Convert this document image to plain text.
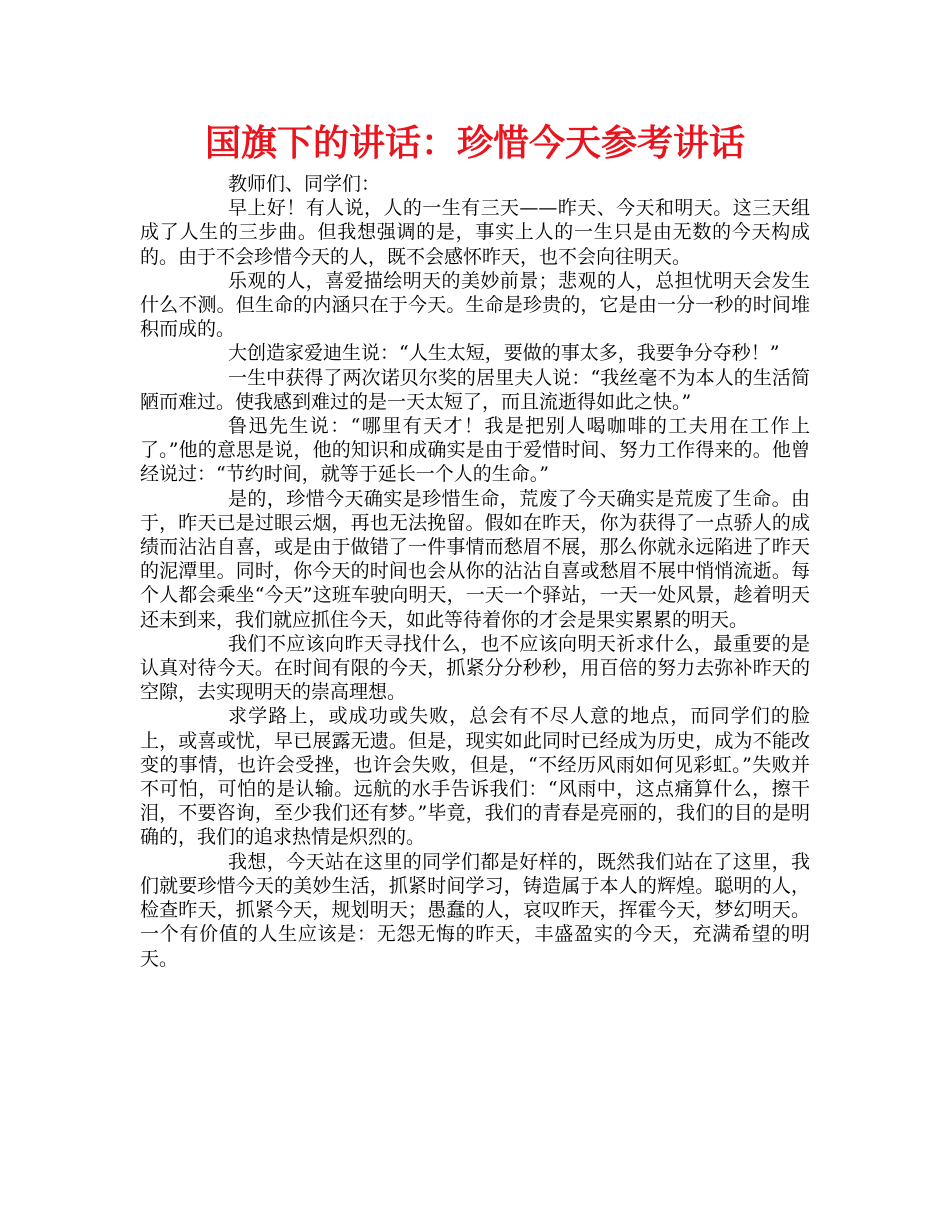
国旗下的讲话：珍惜今天参考讲话

教师们、同学们：

早上好！有人说，人的一生有三天——昨天、今天和明天。这三天组成了人生的三步曲。但我想强调的是，事实上人的一生只是由无数的今天构成的。由于不会珍惜今天的人，既不会感怀昨天，也不会向往明天。

乐观的人，喜爱描绘明天的美妙前景；悲观的人，总担忧明天会发生什么不测。但生命的内涵只在于今天。生命是珍贵的，它是由一分一秒的时间堆积而成的。

大创造家爱迪生说：“人生太短，要做的事太多，我要争分夺秒！”

一生中获得了两次诺贝尔奖的居里夫人说：“我丝毫不为本人的生活简陋而难过。使我感到难过的是一天太短了，而且流逝得如此之快。”

鲁迅先生说：“哪里有天才！我是把别人喝咖啡的工夫用在工作上了。”他的意思是说，他的知识和成确实是由于爱惜时间、努力工作得来的。他曾经说过：“节约时间，就等于延长一个人的生命。”

是的，珍惜今天确实是珍惜生命，荒废了今天确实是荒废了生命。由于，昨天已是过眼云烟，再也无法挽留。假如在昨天，你为获得了一点骄人的成绩而沾沾自喜，或是由于做错了一件事情而愁眉不展，那么你就永远陷进了昨天的泥潭里。同时，你今天的时间也会从你的沾沾自喜或愁眉不展中悄悄流逝。每个人都会乘坐“今天”这班车驶向明天，一天一个驿站，一天一处风景，趁着明天还未到来，我们就应抓住今天，如此等待着你的才会是果实累累的明天。

我们不应该向昨天寻找什么，也不应该向明天祈求什么，最重要的是认真对待今天。在时间有限的今天，抓紧分分秒秒，用百倍的努力去弥补昨天的空隙，去实现明天的崇高理想。

求学路上，或成功或失败，总会有不尽人意的地点，而同学们的脸上，或喜或忧，早已展露无遗。但是，现实如此同时已经成为历史，成为不能改变的事情，也许会受挫，也许会失败，但是，“不经历风雨如何见彩虹。”失败并不可怕，可怕的是认输。远航的水手告诉我们：“风雨中，这点痛算什么，擦干泪，不要咨询，至少我们还有梦。”毕竟，我们的青春是亮丽的，我们的目的是明确的，我们的追求热情是炽烈的。

我想，今天站在这里的同学们都是好样的，既然我们站在了这里，我们就要珍惜今天的美妙生活，抓紧时间学习，铸造属于本人的辉煌。聪明的人，检查昨天，抓紧今天，规划明天；愚蠢的人，哀叹昨天，挥霍今天，梦幻明天。一个有价值的人生应该是：无怨无悔的昨天，丰盛盈实的今天，充满希望的明天。
